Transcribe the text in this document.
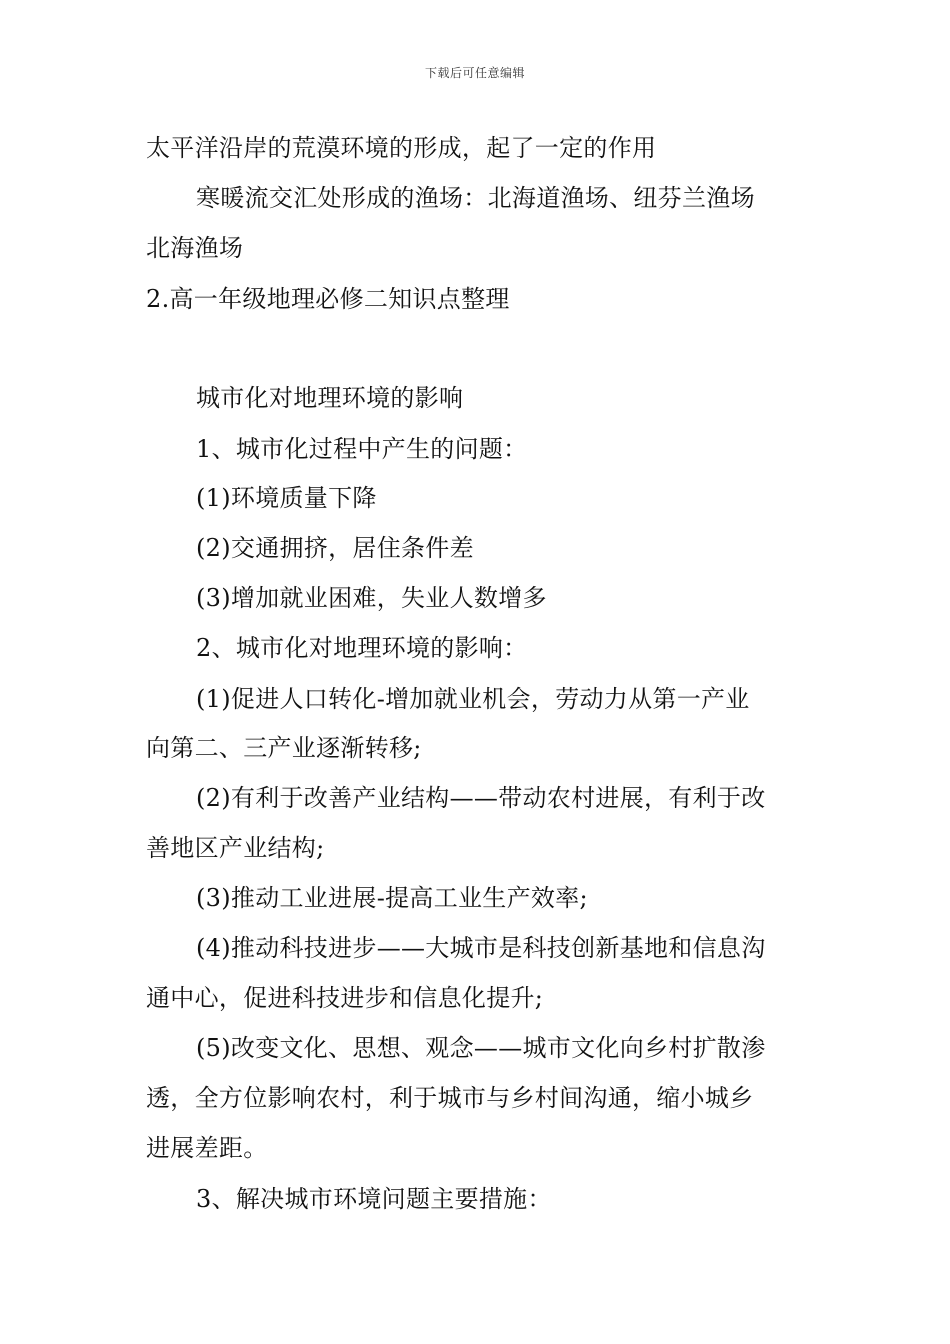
下载后可任意编辑
太平洋沿岸的荒漠环境的形成，起了一定的作用
寒暖流交汇处形成的渔场：北海道渔场、纽芬兰渔场
北海渔场
2.高一年级地理必修二知识点整理
城市化对地理环境的影响
1、城市化过程中产生的问题：
(1)环境质量下降
(2)交通拥挤，居住条件差
(3)增加就业困难，失业人数增多
2、城市化对地理环境的影响：
(1)促进人口转化-增加就业机会，劳动力从第一产业
向第二、三产业逐渐转移;
(2)有利于改善产业结构——带动农村进展，有利于改
善地区产业结构;
(3)推动工业进展-提高工业生产效率;
(4)推动科技进步——大城市是科技创新基地和信息沟
通中心，促进科技进步和信息化提升;
(5)改变文化、思想、观念——城市文化向乡村扩散渗
透，全方位影响农村，利于城市与乡村间沟通，缩小城乡
进展差距。
3、解决城市环境问题主要措施：
